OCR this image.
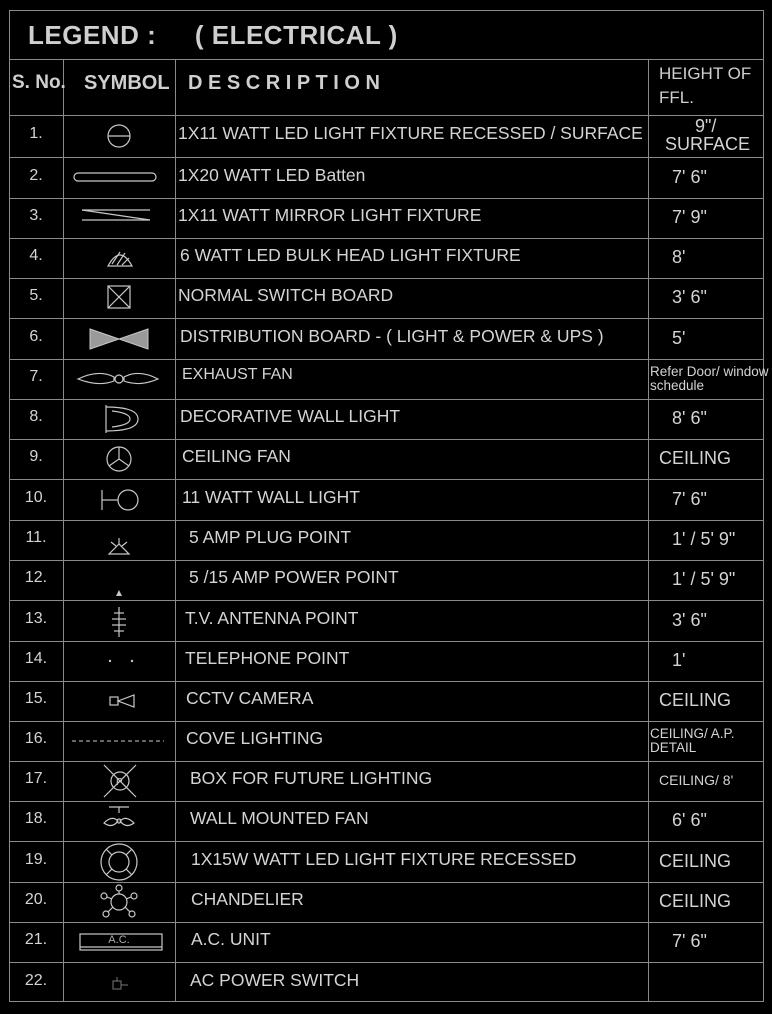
LEGEND :     ( ELECTRICAL )
S. No. SYMBOL D E S C R I P T I O N	HEIGHT OF
FFL.
1.	1X11 WATT LED LIGHT FIXTURE RECESSED / SURFACE	9"/
SURFACE
2.	1X20 WATT LED Batten	7' 6"
3.	1X11 WATT MIRROR LIGHT FIXTURE	7' 9"
4.	6 WATT LED BULK HEAD LIGHT FIXTURE	8'
5.	NORMAL SWITCH BOARD	3' 6"
6.	DISTRIBUTION BOARD - ( LIGHT & POWER & UPS )	5'
7.	EXHAUST FAN	Refer Door/ window schedule
8.	DECORATIVE WALL LIGHT	8' 6"
9.	CEILING FAN	CEILING
10.	11 WATT WALL LIGHT	7' 6"
11.	5 AMP PLUG POINT	1' / 5' 9"
12.	5 /15 AMP POWER POINT	1' / 5' 9"
13.	T.V. ANTENNA POINT	3' 6"
14.	TELEPHONE POINT	1'
15.	CCTV CAMERA	CEILING
16.	COVE LIGHTING	CEILING/ A.P. DETAIL
17.	P	BOX FOR FUTURE LIGHTING	CEILING/ 8'
18.	WALL MOUNTED FAN	6' 6"
19.	1X15W WATT LED LIGHT FIXTURE RECESSED	CEILING
20.	CHANDELIER	CEILING
21.	A.C.	A.C. UNIT	7' 6"
22.	AC POWER SWITCH
